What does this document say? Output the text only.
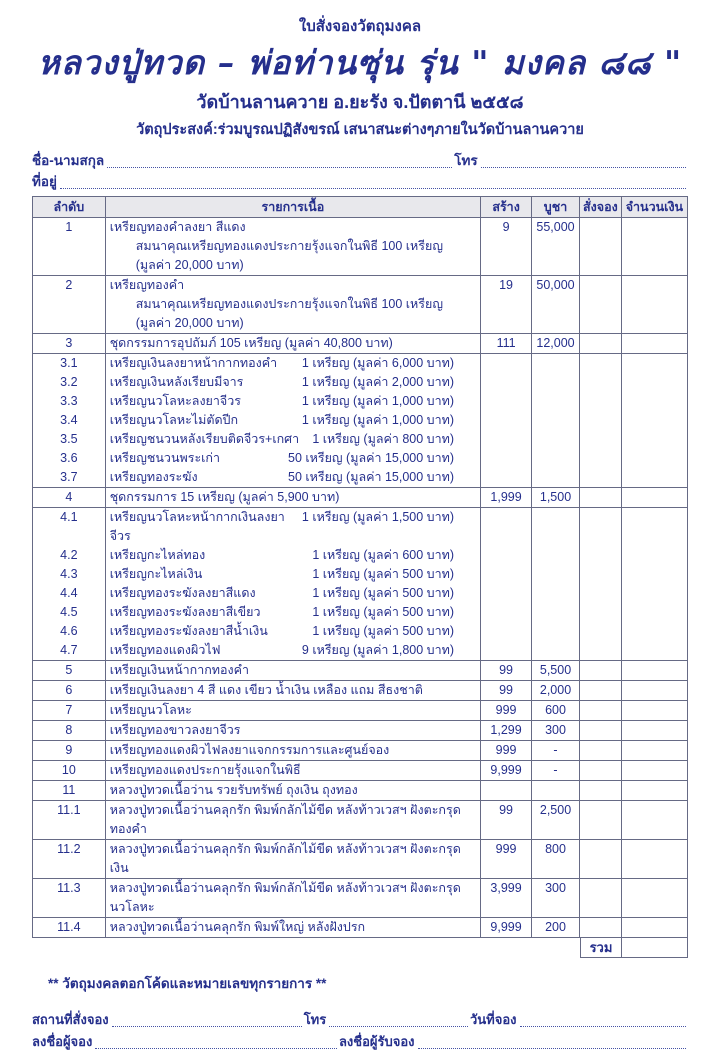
ใบสั่งจองวัตถุมงคล
หลวงปู่ทวด – พ่อท่านซุ่น รุ่น " มงคล ๘๘ "
วัดบ้านลานควาย อ.ยะรัง จ.ปัตตานี ๒๕๕๘
วัตถุประสงค์:ร่วมบูรณปฏิสังขรณ์ เสนาสนะต่างๆภายในวัดบ้านลานควาย
ชื่อ-นามสกุล	โทร
ที่อยู่
ลำดับ	รายการเนื้อ	สร้าง	บูชา	สั่งจอง	จำนวนเงิน
1	เหรียญทองคำลงยา สีแดง
สมนาคุณเหรียญทองแดงประกายรุ้งแจกในพิธี 100 เหรียญ (มูลค่า 20,000 บาท)	9	55,000		
2	เหรียญทองคำ
สมนาคุณเหรียญทองแดงประกายรุ้งแจกในพิธี 100 เหรียญ (มูลค่า 20,000 บาท)	19	50,000		
3	ชุดกรรมการอุปถัมภ์ 105 เหรียญ (มูลค่า 40,800 บาท)	111	12,000		
3.1	เหรียญเงินลงยาหน้ากากทองคำ 1 เหรียญ (มูลค่า 6,000 บาท)				

3.2	เหรียญเงินหลังเรียบมีจาร 1 เหรียญ (มูลค่า 2,000 บาท)				

3.3	เหรียญนวโลหะลงยาจีวร 1 เหรียญ (มูลค่า 1,000 บาท)				

3.4	เหรียญนวโลหะไม่ตัดปีก 1 เหรียญ (มูลค่า 1,000 บาท)				

3.5	เหรียญชนวนหลังเรียบติดจีวร+เกศา 1 เหรียญ (มูลค่า 800 บาท)				

3.6	เหรียญชนวนพระเก่า 50 เหรียญ (มูลค่า 15,000 บาท)				

3.7	เหรียญทองระฆัง 50 เหรียญ (มูลค่า 15,000 บาท)				

4	ชุดกรรมการ 15 เหรียญ (มูลค่า 5,900 บาท)	1,999	1,500		
4.1	เหรียญนวโลหะหน้ากากเงินลงยาจีวร
1 เหรียญ (มูลค่า 1,500 บาท)				

4.2	เหรียญกะไหล่ทอง 1 เหรียญ (มูลค่า 600 บาท)				

4.3	เหรียญกะไหล่เงิน 1 เหรียญ (มูลค่า 500 บาท)				

4.4	เหรียญทองระฆังลงยาสีแดง 1 เหรียญ (มูลค่า 500 บาท)				

4.5	เหรียญทองระฆังลงยาสีเขียว 1 เหรียญ (มูลค่า 500 บาท)				

4.6	เหรียญทองระฆังลงยาสีน้ำเงิน 1 เหรียญ (มูลค่า 500 บาท)				

4.7	เหรียญทองแดงผิวไฟ 9 เหรียญ (มูลค่า 1,800 บาท)				

5	เหรียญเงินหน้ากากทองคำ	99	5,500		
6	เหรียญเงินลงยา 4 สี แดง เขียว น้ำเงิน เหลือง แถม สีธงชาติ	99	2,000		
7	เหรียญนวโลหะ	999	600		
8	เหรียญทองขาวลงยาจีวร	1,299	300		
9	เหรียญทองแดงผิวไฟลงยาแจกกรรมการและศูนย์จอง	999	-		
10	เหรียญทองแดงประกายรุ้งแจกในพิธี	9,999	-		
11	หลวงปู่ทวดเนื้อว่าน รวยรับทรัพย์ ถุงเงิน ถุงทอง				

11.1	หลวงปู่ทวดเนื้อว่านคลุกรัก พิมพ์กลักไม้ขีด หลังท้าวเวสฯ ฝังตะกรุดทองคำ	99	2,500		
11.2	หลวงปู่ทวดเนื้อว่านคลุกรัก พิมพ์กลักไม้ขีด หลังท้าวเวสฯ ฝังตะกรุดเงิน	999	800		
11.3	หลวงปู่ทวดเนื้อว่านคลุกรัก พิมพ์กลักไม้ขีด หลังท้าวเวสฯ ฝังตะกรุดนวโลหะ	3,999	300		
11.4	หลวงปู่ทวดเนื้อว่านคลุกรัก พิมพ์ใหญ่ หลังฝังปรก	9,999	200		
รวม
** วัตถุมงคลตอกโค้ดและหมายเลขทุกรายการ **
สถานที่สั่งจอง	โทร	วันที่จอง
ลงชื่อผู้จอง	ลงชื่อผู้รับจอง
